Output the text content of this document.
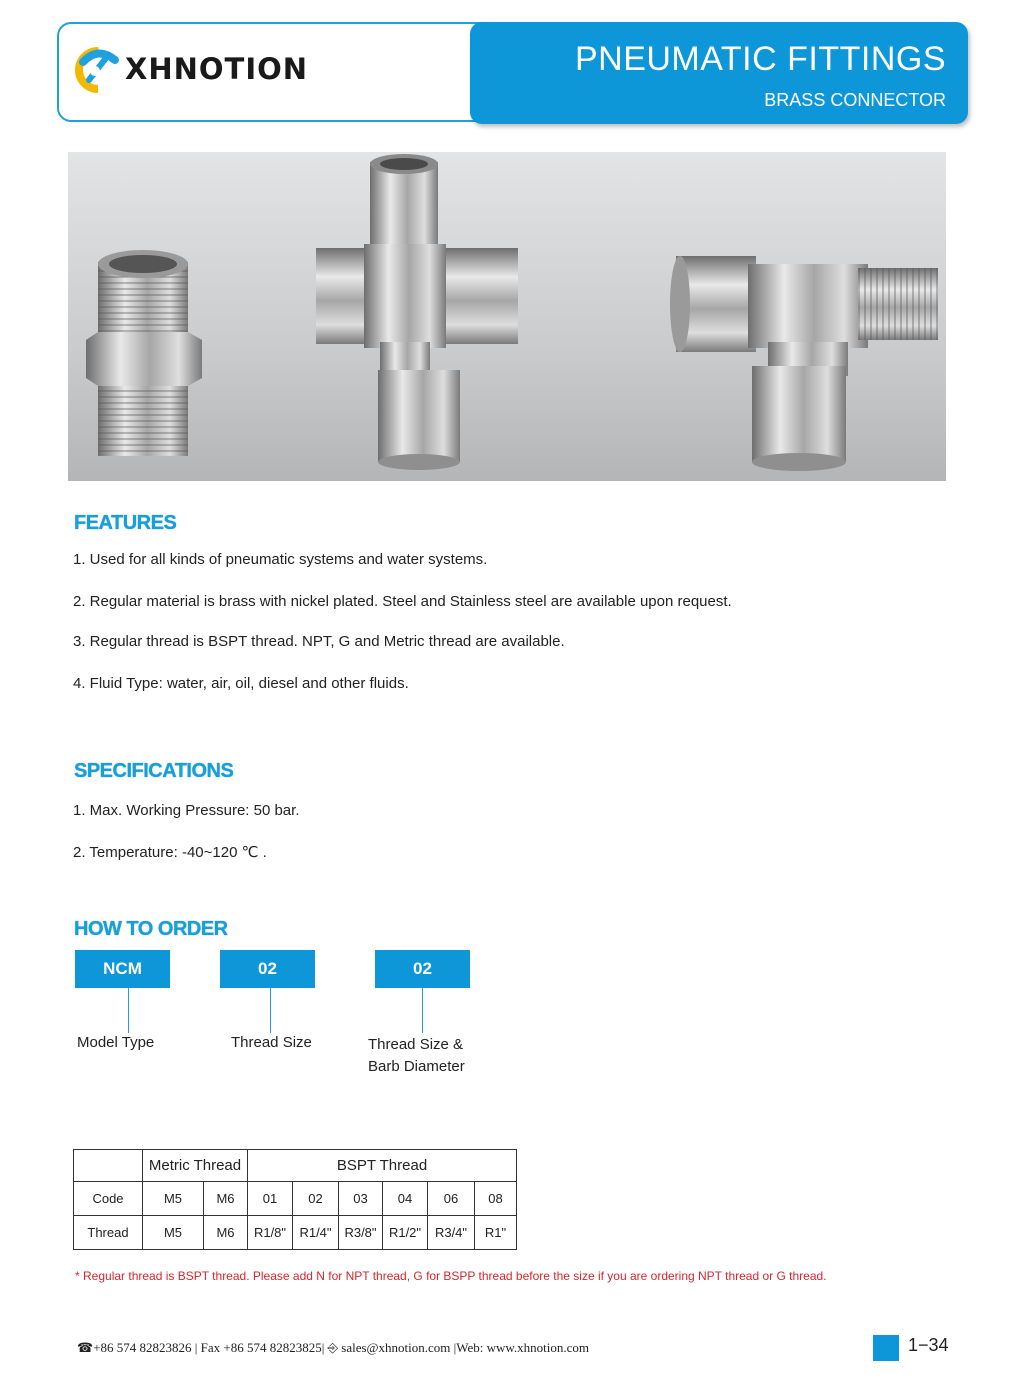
XHNOTION	PNEUMATIC FITTINGS
BRASS CONNECTOR
FEATURES
1. Used for all kinds of pneumatic systems and water systems.
2. Regular material is brass with nickel plated. Steel and Stainless steel are available upon request.
3. Regular thread is BSPT thread. NPT, G and Metric thread are available.
4. Fluid Type: water, air, oil, diesel and other fluids.
SPECIFICATIONS
1. Max. Working Pressure: 50 bar.
2. Temperature: -40~120 ℃ .
HOW TO ORDER
NCM	02	02
Model Type	Thread Size	Thread Size &
Barb Diameter
	Metric Thread		BSPT Thread					
Code	M5	M6	01	02	03	04	06	08
Thread	M5	M6	R1/8"	R1/4"	R3/8"	R1/2"	R3/4"	R1"
* Regular thread is BSPT thread. Please add N for NPT thread, G for BSPP thread before the size if you are ordering NPT thread or G thread.
☎+86 574 82823826 | Fax +86 574 82823825| ⎆ sales@xhnotion.com |Web: www.xhnotion.com	1−34
